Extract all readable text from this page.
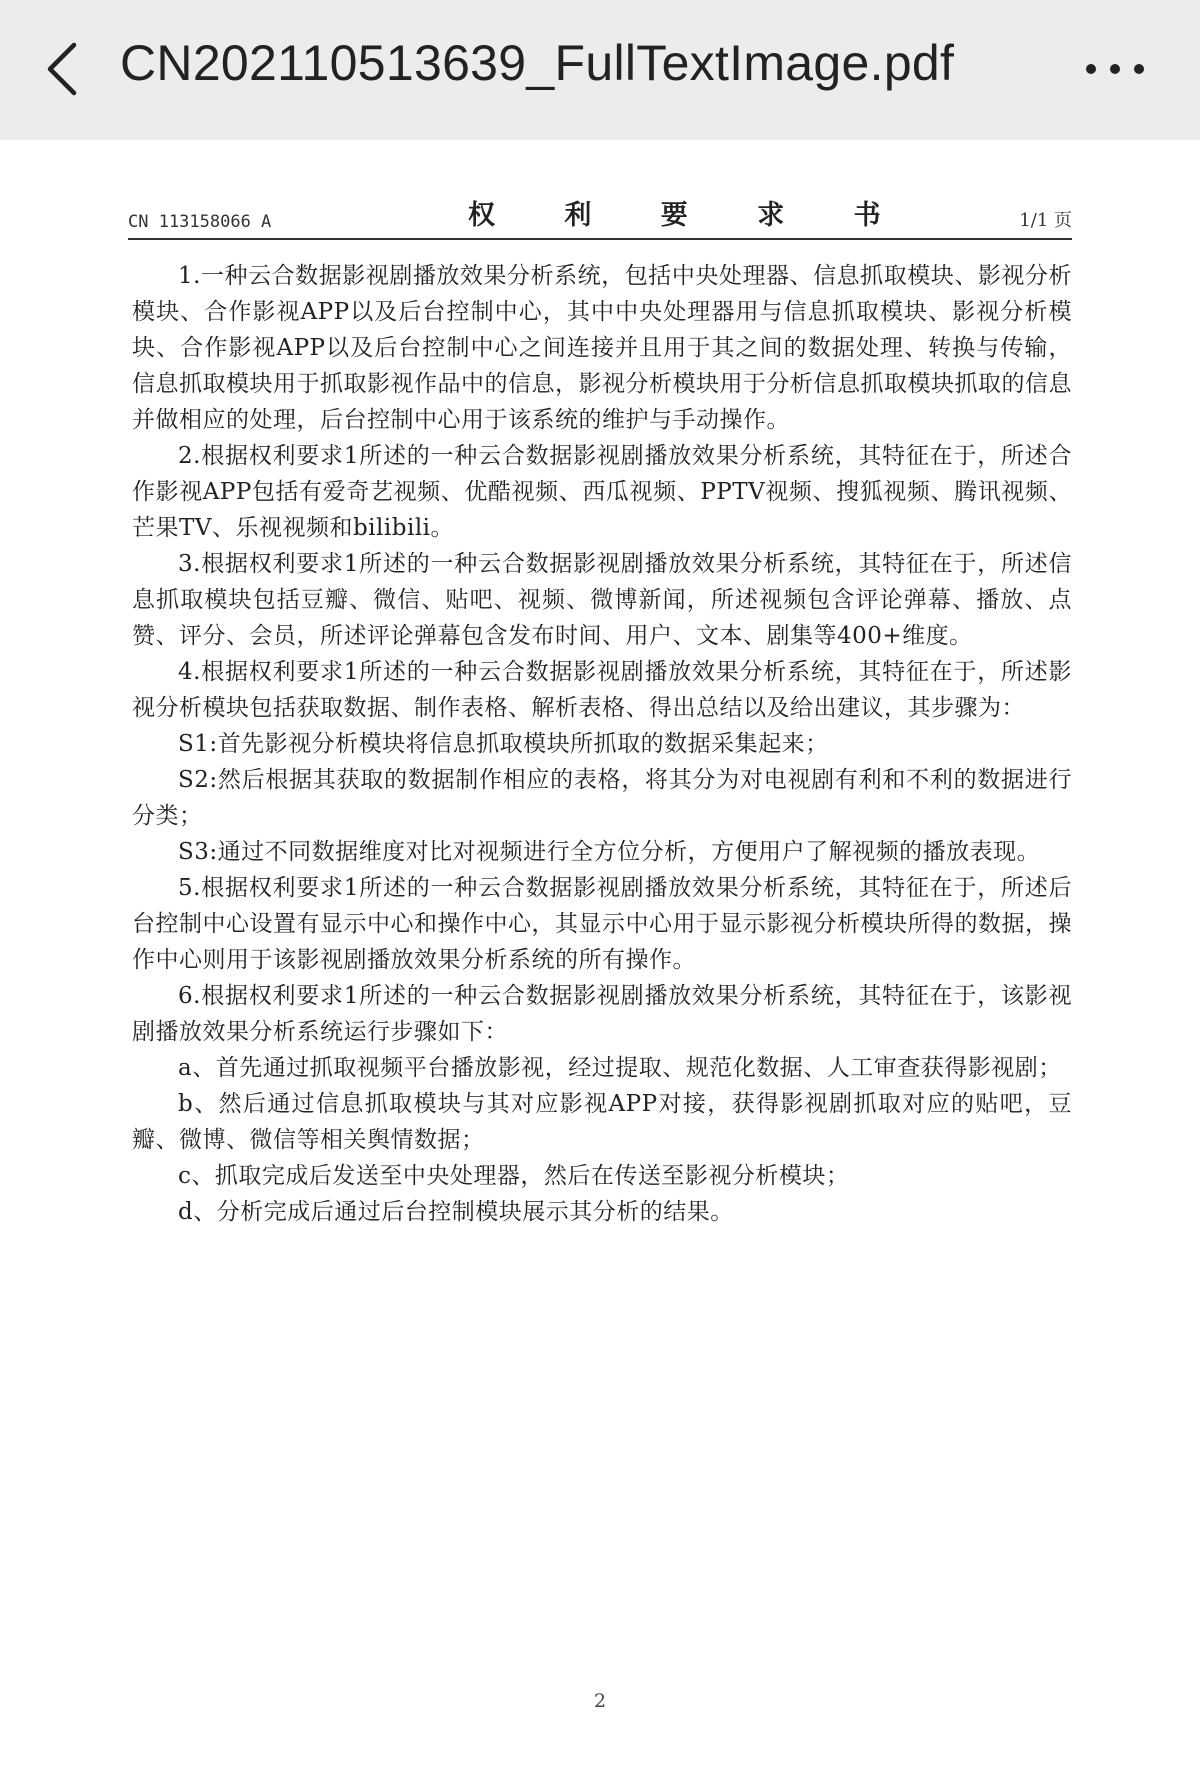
CN202110513639_FullTextImage.pdf
CN 113158066 A	权 利 要 求 书	1/1 页

1.一种云合数据影视剧播放效果分析系统，包括中央处理器、信息抓取模块、影视分析模块、合作影视APP以及后台控制中心，其中中央处理器用与信息抓取模块、影视分析模块、合作影视APP以及后台控制中心之间连接并且用于其之间的数据处理、转换与传输，信息抓取模块用于抓取影视作品中的信息，影视分析模块用于分析信息抓取模块抓取的信息并做相应的处理，后台控制中心用于该系统的维护与手动操作。

2.根据权利要求1所述的一种云合数据影视剧播放效果分析系统，其特征在于，所述合作影视APP包括有爱奇艺视频、优酷视频、西瓜视频、PPTV视频、搜狐视频、腾讯视频、芒果TV、乐视视频和bilibili。

3.根据权利要求1所述的一种云合数据影视剧播放效果分析系统，其特征在于，所述信息抓取模块包括豆瓣、微信、贴吧、视频、微博新闻，所述视频包含评论弹幕、播放、点赞、评分、会员，所述评论弹幕包含发布时间、用户、文本、剧集等400+维度。

4.根据权利要求1所述的一种云合数据影视剧播放效果分析系统，其特征在于，所述影视分析模块包括获取数据、制作表格、解析表格、得出总结以及给出建议，其步骤为：

S1:首先影视分析模块将信息抓取模块所抓取的数据采集起来；

S2:然后根据其获取的数据制作相应的表格，将其分为对电视剧有利和不利的数据进行分类；

S3:通过不同数据维度对比对视频进行全方位分析，方便用户了解视频的播放表现。

5.根据权利要求1所述的一种云合数据影视剧播放效果分析系统，其特征在于，所述后台控制中心设置有显示中心和操作中心，其显示中心用于显示影视分析模块所得的数据，操作中心则用于该影视剧播放效果分析系统的所有操作。

6.根据权利要求1所述的一种云合数据影视剧播放效果分析系统，其特征在于，该影视剧播放效果分析系统运行步骤如下：

a、首先通过抓取视频平台播放影视，经过提取、规范化数据、人工审查获得影视剧；

b、然后通过信息抓取模块与其对应影视APP对接，获得影视剧抓取对应的贴吧，豆瓣、微博、微信等相关舆情数据；

c、抓取完成后发送至中央处理器，然后在传送至影视分析模块；

d、分析完成后通过后台控制模块展示其分析的结果。

2
